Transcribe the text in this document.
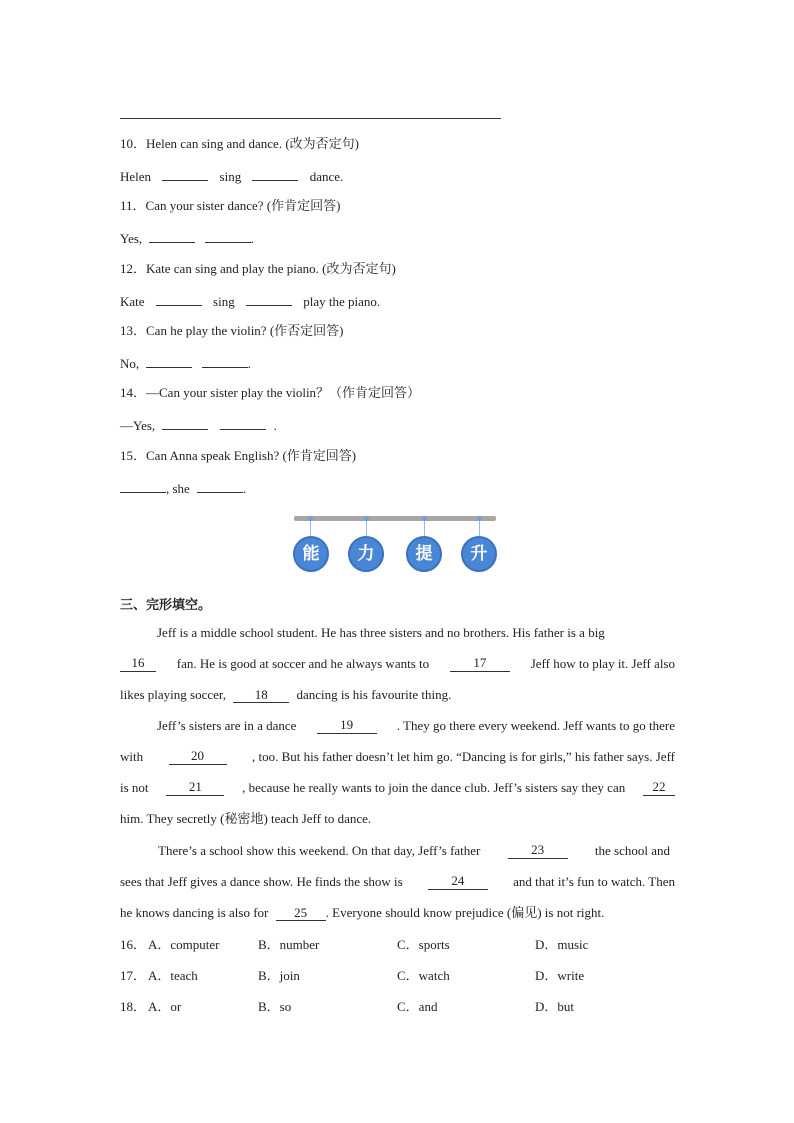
10．Helen can sing and dance. (改为否定句)
Helen	sing	dance.
11．Can your sister dance? (作肯定回答)
Yes,	.
12．Kate can sing and play the piano. (改为否定句)
Kate	sing	play the piano.
13．Can he play the violin? (作否定回答)
No,	.
14．—Can your sister play the violin？（作肯定回答）
—Yes,	.
15．Can Anna speak English? (作肯定回答)
, she	.
能	力	提	升
三、完形填空。
Jeff is a middle school student. He has three sisters and no brothers. His father is a big
16	fan. He is good at soccer and he always wants to	17	Jeff how to play it. Jeff also
likes playing soccer, 18 dancing is his favourite thing.
Jeff’s sisters are in a dance	19	. They go there every weekend. Jeff wants to go there
with	20	, too. But his father doesn’t let him go. “Dancing is for girls,” his father says. Jeff
is not	21	, because he really wants to join the dance club. Jeff’s sisters say they can	22
him. They secretly (秘密地) teach Jeff to dance.
There’s a school show this weekend. On that day, Jeff’s father	23	the school and
sees that Jeff gives a dance show. He finds the show is	24	and that it’s fun to watch. Then
he knows dancing is also for 25 . Everyone should know prejudice (偏见) is not right.
16． A．computer	B．number	C．sports	D．music
17． A．teach	B．join	C．watch	D．write
18． A．or	B．so	C．and	D．but
